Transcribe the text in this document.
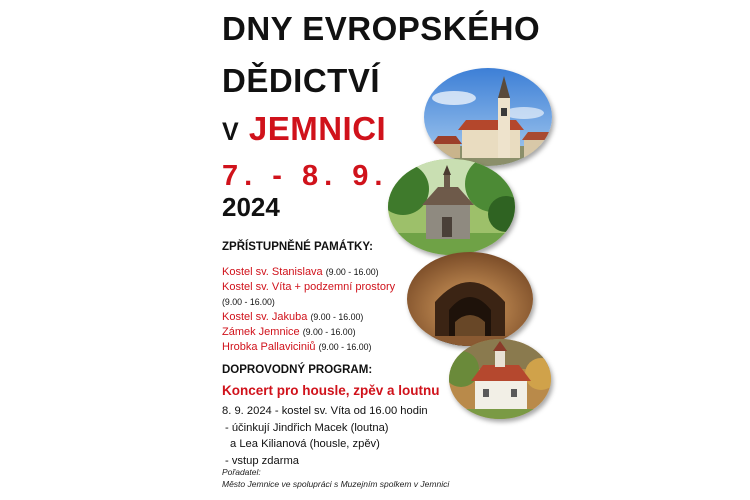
DNY EVROPSKÉHO
DĚDICTVÍ
V JEMNICI
7. - 8. 9.
2024
ZPŘÍSTUPNĚNÉ PAMÁTKY:
Kostel sv. Stanislava (9.00 - 16.00)
Kostel sv. Víta + podzemní prostory
(9.00 - 16.00)
Kostel sv. Jakuba (9.00 - 16.00)
Zámek Jemnice (9.00 - 16.00)
Hrobka Pallaviciniů (9.00 - 16.00)
DOPROVODNÝ PROGRAM:
Koncert pro housle, zpěv a loutnu
8. 9. 2024 - kostel sv. Víta od 16.00 hodin
- účinkují Jindřich Macek (loutna)
a Lea Kilianová (housle, zpěv)
- vstup zdarma
Pořadatel:
Město Jemnice ve spolupráci s Muzejním spolkem v Jemnici
